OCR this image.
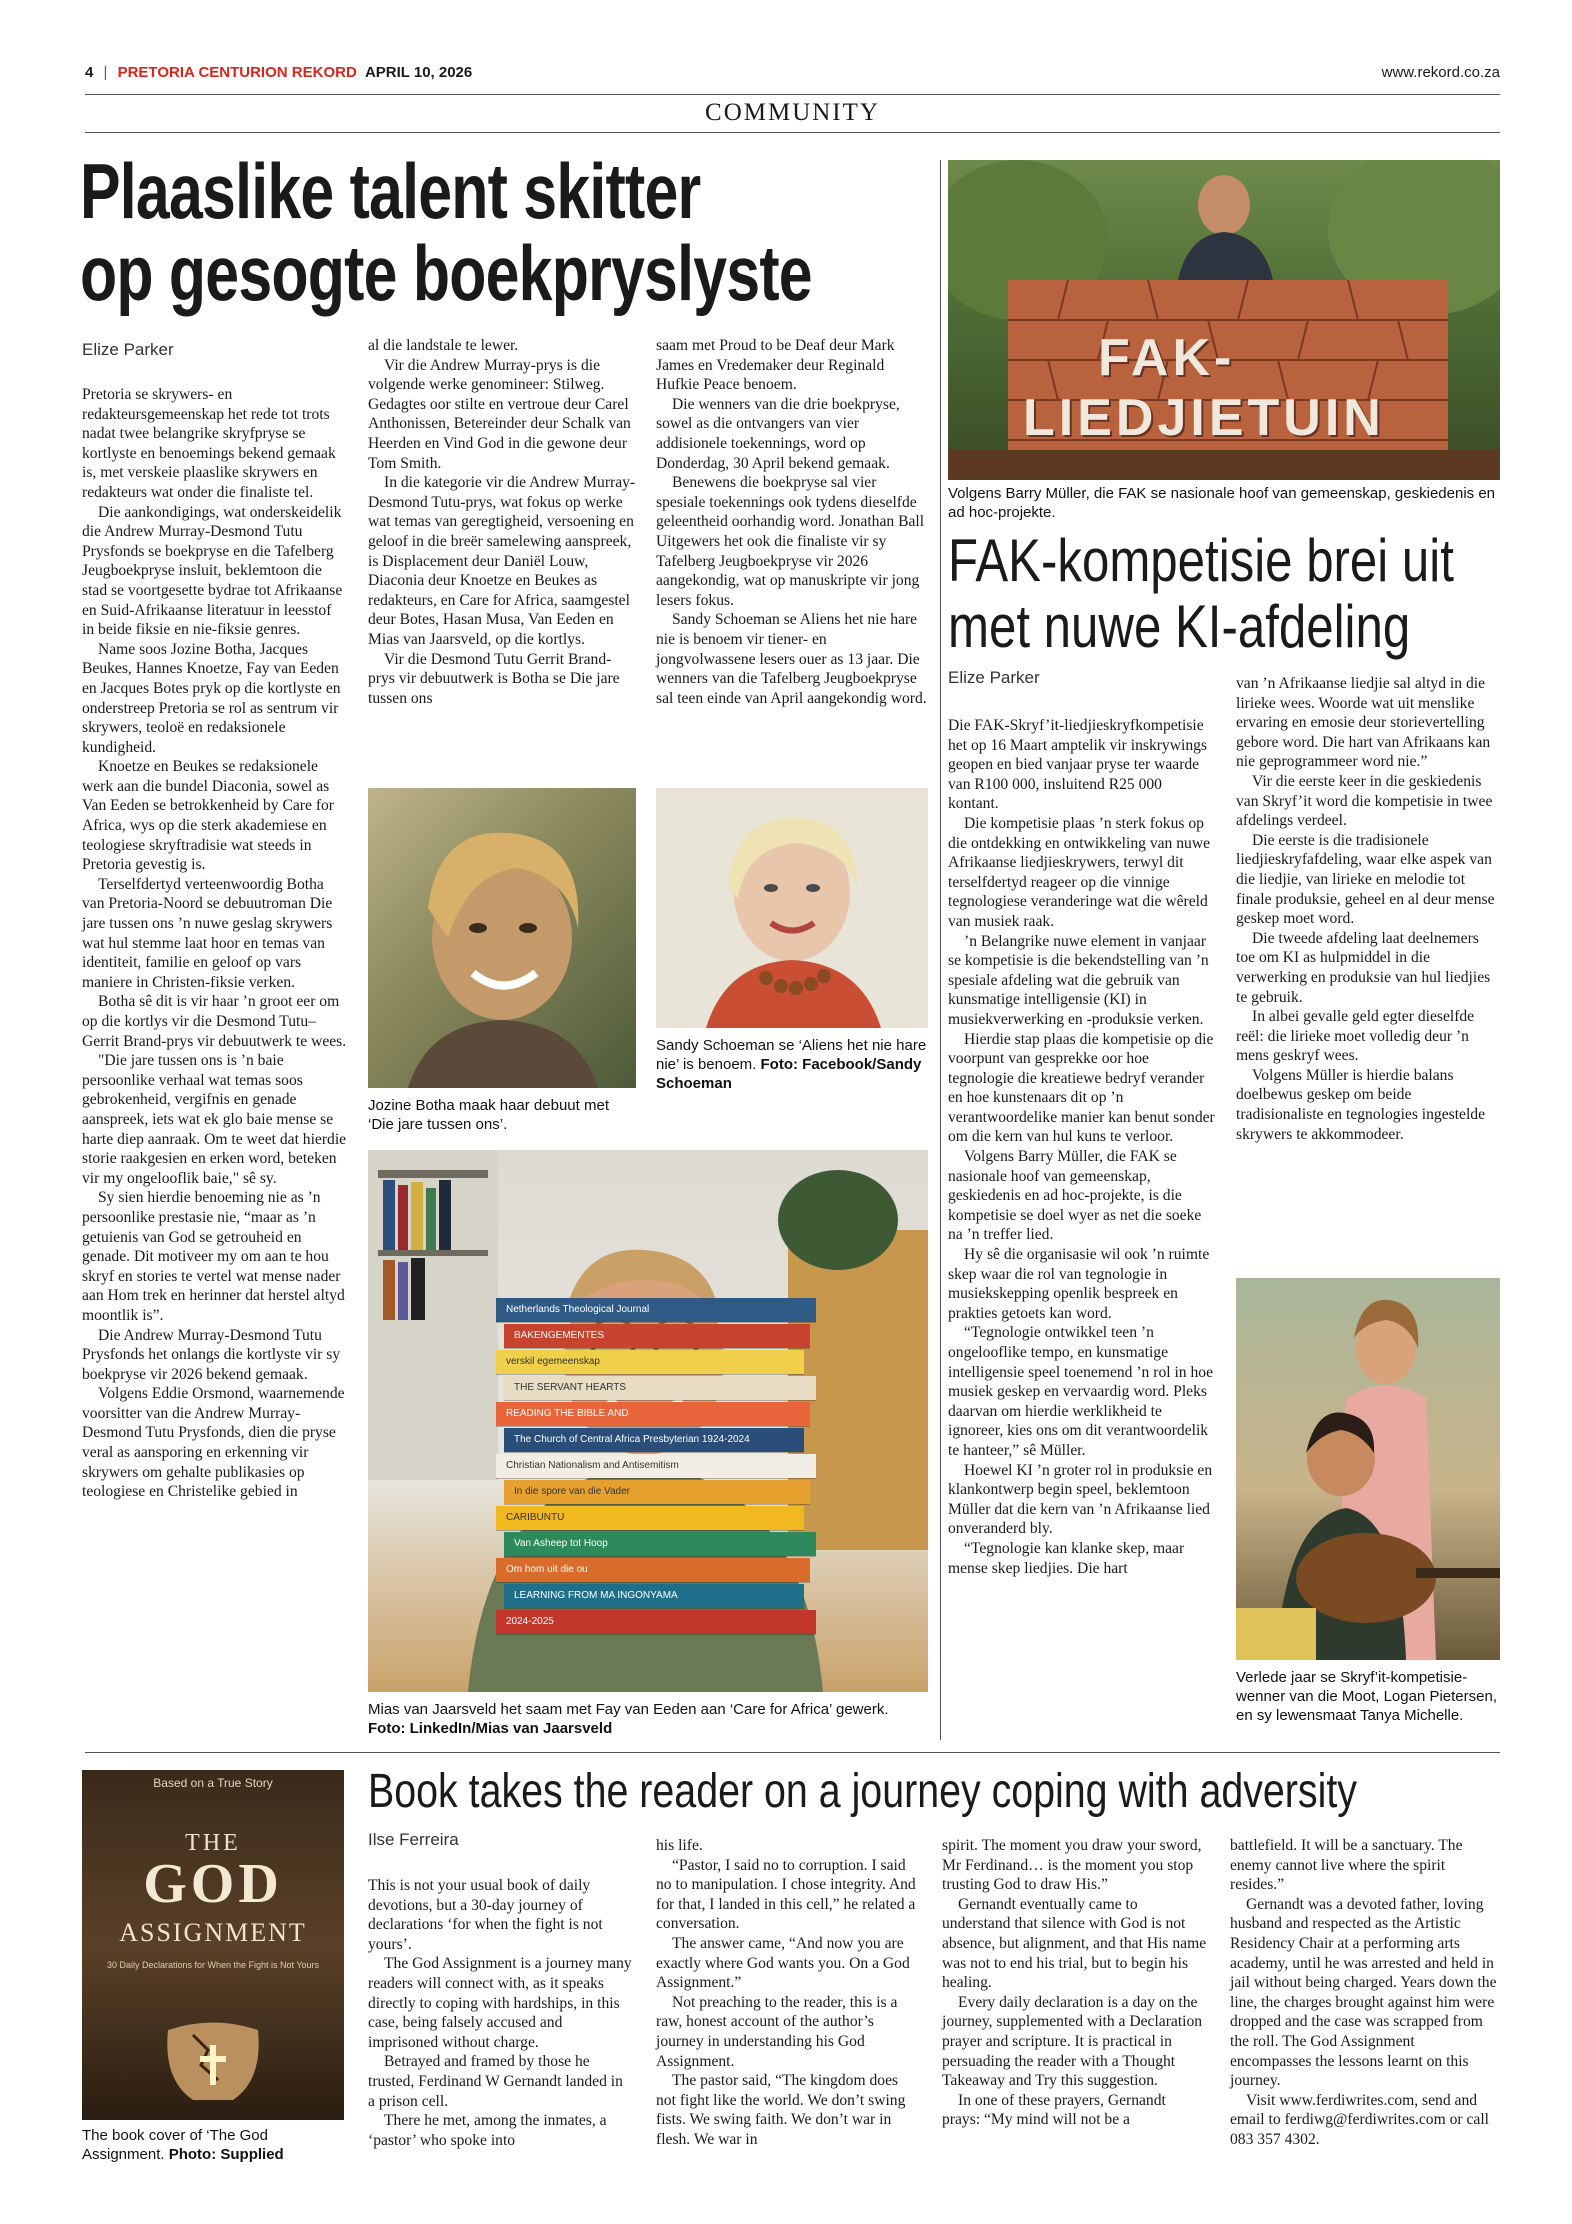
4 | PRETORIA CENTURION REKORD APRIL 10, 2026	www.rekord.co.za
COMMUNITY
Plaaslike talent skitter
op gesogte boekpryslyste
Elize Parker

Pretoria se skrywers- en redakteursgemeenskap het rede tot trots nadat twee belangrike skryfpryse se kortlyste en benoemings bekend gemaak is, met verskeie plaaslike skrywers en redakteurs wat onder die finaliste tel.

Die aankondigings, wat onderskeidelik die Andrew Murray-Desmond Tutu Prysfonds se boekpryse en die Tafelberg Jeugboekpryse insluit, beklemtoon die stad se voortgesette bydrae tot Afrikaanse en Suid-Afrikaanse literatuur in leesstof in beide fiksie en nie-fiksie genres.

Name soos Jozine Botha, Jacques Beukes, Hannes Knoetze, Fay van Eeden en Jacques Botes pryk op die kortlyste en onderstreep Pretoria se rol as sentrum vir skrywers, teoloë en redaksionele kundigheid.

Knoetze en Beukes se redaksionele werk aan die bundel Diaconia, sowel as Van Eeden se betrokkenheid by Care for Africa, wys op die sterk akademiese en teologiese skryftradisie wat steeds in Pretoria gevestig is.

Terselfdertyd verteenwoordig Botha van Pretoria-Noord se debuutroman Die jare tussen ons ’n nuwe geslag skrywers wat hul stemme laat hoor en temas van identiteit, familie en geloof op vars maniere in Christen-fiksie verken.

Botha sê dit is vir haar ’n groot eer om op die kortlys vir die Desmond Tutu–Gerrit Brand-prys vir debuutwerk te wees.

"Die jare tussen ons is ’n baie persoonlike verhaal wat temas soos gebrokenheid, vergifnis en genade aanspreek, iets wat ek glo baie mense se harte diep aanraak. Om te weet dat hierdie storie raakgesien en erken word, beteken vir my ongelooflik baie," sê sy.

Sy sien hierdie benoeming nie as ’n persoonlike prestasie nie, “maar as ’n getuienis van God se getrouheid en genade. Dit motiveer my om aan te hou skryf en stories te vertel wat mense nader aan Hom trek en herinner dat herstel altyd moontlik is”.

Die Andrew Murray-Desmond Tutu Prysfonds het onlangs die kortlyste vir sy boekpryse vir 2026 bekend gemaak.

Volgens Eddie Orsmond, waarnemende voorsitter van die Andrew Murray-Desmond Tutu Prysfonds, dien die pryse veral as aansporing en erkenning vir skrywers om gehalte publikasies op teologiese en Christelike gebied in

al die landstale te lewer.

Vir die Andrew Murray-prys is die volgende werke genomineer: Stilweg. Gedagtes oor stilte en vertroue deur Carel Anthonissen, Betereinder deur Schalk van Heerden en Vind God in die gewone deur Tom Smith.

In die kategorie vir die Andrew Murray-Desmond Tutu-prys, wat fokus op werke wat temas van geregtigheid, versoening en geloof in die breër samelewing aanspreek, is Displacement deur Daniël Louw, Diaconia deur Knoetze en Beukes as redakteurs, en Care for Africa, saamgestel deur Botes, Hasan Musa, Van Eeden en Mias van Jaarsveld, op die kortlys.

Vir die Desmond Tutu Gerrit Brand-prys vir debuutwerk is Botha se Die jare tussen ons

saam met Proud to be Deaf deur Mark James en Vredemaker deur Reginald Hufkie Peace benoem.

Die wenners van die drie boekpryse, sowel as die ontvangers van vier addisionele toekennings, word op Donderdag, 30 April bekend gemaak.

Benewens die boekpryse sal vier spesiale toekennings ook tydens dieselfde geleentheid oorhandig word. Jonathan Ball Uitgewers het ook die finaliste vir sy Tafelberg Jeugboekpryse vir 2026 aangekondig, wat op manuskripte vir jong lesers fokus.

Sandy Schoeman se Aliens het nie hare nie is benoem vir tiener- en jongvolwassene lesers ouer as 13 jaar. Die wenners van die Tafelberg Jeugboekpryse sal teen einde van April aangekondig word.

Jozine Botha maak haar debuut met ‘Die jare tussen ons’.
Sandy Schoeman se ‘Aliens het nie hare nie’ is benoem. Foto: Facebook/Sandy Schoeman
Netherlands Theological Journal
BAKENGEMENTES
verskil egemeenskap
THE SERVANT HEARTS
READING THE BIBLE AND
The Church of Central Africa Presbyterian 1924-2024
Christian Nationalism and Antisemitism
In die spore van die Vader
CARIBUNTU
Van Asheep tot Hoop
Om hom uit die ou
LEARNING FROM MA INGONYAMA
2024-2025
Mias van Jaarsveld het saam met Fay van Eeden aan ‘Care for Africa’ gewerk. Foto: LinkedIn/Mias van Jaarsveld
FAK-
LIEDJIETUIN
Volgens Barry Müller, die FAK se nasionale hoof van gemeenskap, geskiedenis en ad hoc-projekte.
FAK-kompetisie brei uit
met nuwe KI-afdeling
Elize Parker

Die FAK-Skryf’it-liedjieskryfkompetisie het op 16 Maart amptelik vir inskrywings geopen en bied vanjaar pryse ter waarde van R100 000, insluitend R25 000 kontant.

Die kompetisie plaas ’n sterk fokus op die ontdekking en ontwikkeling van nuwe Afrikaanse liedjieskrywers, terwyl dit terselfdertyd reageer op die vinnige tegnologiese veranderinge wat die wêreld van musiek raak.

’n Belangrike nuwe element in vanjaar se kompetisie is die bekendstelling van ’n spesiale afdeling wat die gebruik van kunsmatige intelligensie (KI) in musiekverwerking en -produksie verken.

Hierdie stap plaas die kompetisie op die voorpunt van gesprekke oor hoe tegnologie die kreatiewe bedryf verander en hoe kunstenaars dit op ’n verantwoordelike manier kan benut sonder om die kern van hul kuns te verloor.

Volgens Barry Müller, die FAK se nasionale hoof van gemeenskap, geskiedenis en ad hoc-projekte, is die kompetisie se doel wyer as net die soeke na ’n treffer lied.

Hy sê die organisasie wil ook ’n ruimte skep waar die rol van tegnologie in musiekskepping openlik bespreek en prakties getoets kan word.

“Tegnologie ontwikkel teen ’n ongelooflike tempo, en kunsmatige intelligensie speel toenemend ’n rol in hoe musiek geskep en vervaardig word. Pleks daarvan om hierdie werklikheid te ignoreer, kies ons om dit verantwoordelik te hanteer,” sê Müller.

Hoewel KI ’n groter rol in produksie en klankontwerp begin speel, beklemtoon Müller dat die kern van ’n Afrikaanse lied onveranderd bly.

“Tegnologie kan klanke skep, maar mense skep liedjies. Die hart

van ’n Afrikaanse liedjie sal altyd in die lirieke wees. Woorde wat uit menslike ervaring en emosie deur storievertelling gebore word. Die hart van Afrikaans kan nie geprogrammeer word nie.”

Vir die eerste keer in die geskiedenis van Skryf’it word die kompetisie in twee afdelings verdeel.

Die eerste is die tradisionele liedjieskryfafdeling, waar elke aspek van die liedjie, van lirieke en melodie tot finale produksie, geheel en al deur mense geskep moet word.

Die tweede afdeling laat deelnemers toe om KI as hulpmiddel in die verwerking en produksie van hul liedjies te gebruik.

In albei gevalle geld egter dieselfde reël: die lirieke moet volledig deur ’n mens geskryf wees.

Volgens Müller is hierdie balans doelbewus geskep om beide tradisionaliste en tegnologies ingestelde skrywers te akkommodeer.

Verlede jaar se Skryf’it-kompetisie-wenner van die Moot, Logan Pietersen, en sy lewensmaat Tanya Michelle.
Based on a True Story
THE
GOD
ASSIGNMENT
30 Daily Declarations for When the Fight is Not Yours
The book cover of ‘The God Assignment. Photo: Supplied
Book takes the reader on a journey coping with adversity
Ilse Ferreira

This is not your usual book of daily devotions, but a 30-day journey of declarations ‘for when the fight is not yours’.

The God Assignment is a journey many readers will connect with, as it speaks directly to coping with hardships, in this case, being falsely accused and imprisoned without charge.

Betrayed and framed by those he trusted, Ferdinand W Gernandt landed in a prison cell.

There he met, among the inmates, a ‘pastor’ who spoke into

his life.

“Pastor, I said no to corruption. I said no to manipulation. I chose integrity. And for that, I landed in this cell,” he related a conversation.

The answer came, “And now you are exactly where God wants you. On a God Assignment.”

Not preaching to the reader, this is a raw, honest account of the author’s journey in understanding his God Assignment.

The pastor said, “The kingdom does not fight like the world. We don’t swing fists. We swing faith. We don’t war in flesh. We war in

spirit. The moment you draw your sword, Mr Ferdinand… is the moment you stop trusting God to draw His.”

Gernandt eventually came to understand that silence with God is not absence, but alignment, and that His name was not to end his trial, but to begin his healing.

Every daily declaration is a day on the journey, supplemented with a Declaration prayer and scripture. It is practical in persuading the reader with a Thought Takeaway and Try this suggestion.

In one of these prayers, Gernandt prays: “My mind will not be a

battlefield. It will be a sanctuary. The enemy cannot live where the spirit resides.”

Gernandt was a devoted father, loving husband and respected as the Artistic Residency Chair at a performing arts academy, until he was arrested and held in jail without being charged. Years down the line, the charges brought against him were dropped and the case was scrapped from the roll. The God Assignment encompasses the lessons learnt on this journey.

Visit www.ferdiwrites.com, send and email to ferdiwg@ferdiwrites.com or call 083 357 4302.
